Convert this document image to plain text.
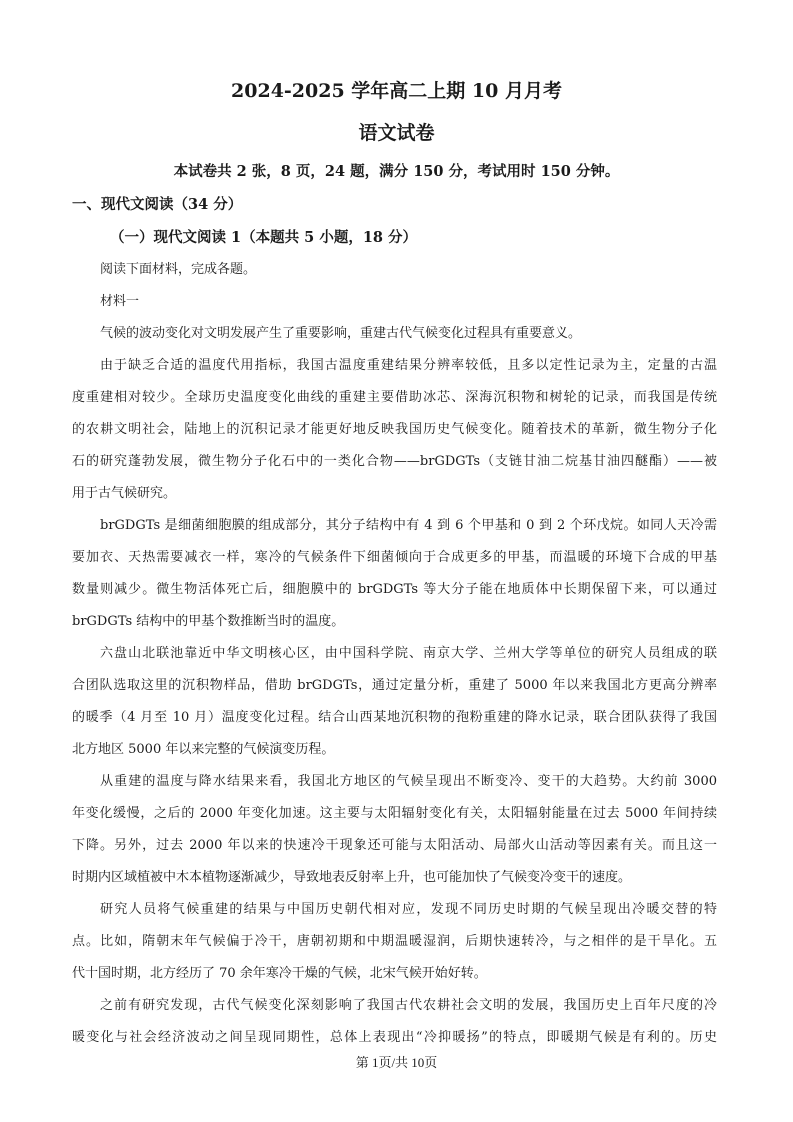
2024-2025 学年高二上期 10 月月考
语文试卷
本试卷共 2 张，8 页，24 题，满分 150 分，考试用时 150 分钟。
一、现代文阅读（34 分）
（一）现代文阅读 1（本题共 5 小题，18 分）
阅读下面材料，完成各题。
材料一
气候的波动变化对文明发展产生了重要影响，重建古代气候变化过程具有重要意义。
由于缺乏合适的温度代用指标，我国古温度重建结果分辨率较低，且多以定性记录为主，定量的古温
度重建相对较少。全球历史温度变化曲线的重建主要借助冰芯、深海沉积物和树轮的记录，而我国是传统
的农耕文明社会，陆地上的沉积记录才能更好地反映我国历史气候变化。随着技术的革新，微生物分子化
石的研究蓬勃发展，微生物分子化石中的一类化合物——brGDGTs（支链甘油二烷基甘油四醚酯）——被
用于古气候研究。
brGDGTs 是细菌细胞膜的组成部分，其分子结构中有 4 到 6 个甲基和 0 到 2 个环戊烷。如同人天冷需
要加衣、天热需要减衣一样，寒冷的气候条件下细菌倾向于合成更多的甲基，而温暖的环境下合成的甲基
数量则减少。微生物活体死亡后，细胞膜中的 brGDGTs 等大分子能在地质体中长期保留下来，可以通过
brGDGTs 结构中的甲基个数推断当时的温度。
六盘山北联池靠近中华文明核心区，由中国科学院、南京大学、兰州大学等单位的研究人员组成的联
合团队选取这里的沉积物样品，借助 brGDGTs，通过定量分析，重建了 5000 年以来我国北方更高分辨率
的暖季（4 月至 10 月）温度变化过程。结合山西某地沉积物的孢粉重建的降水记录，联合团队获得了我国
北方地区 5000 年以来完整的气候演变历程。
从重建的温度与降水结果来看，我国北方地区的气候呈现出不断变冷、变干的大趋势。大约前 3000
年变化缓慢，之后的 2000 年变化加速。这主要与太阳辐射变化有关，太阳辐射能量在过去 5000 年间持续
下降。另外，过去 2000 年以来的快速冷干现象还可能与太阳活动、局部火山活动等因素有关。而且这一
时期内区域植被中木本植物逐渐减少，导致地表反射率上升，也可能加快了气候变冷变干的速度。
研究人员将气候重建的结果与中国历史朝代相对应，发现不同历史时期的气候呈现出冷暖交替的特
点。比如，隋朝末年气候偏于冷干，唐朝初期和中期温暖湿润，后期快速转冷，与之相伴的是干旱化。五
代十国时期，北方经历了 70 余年寒冷干燥的气候，北宋气候开始好转。
之前有研究发现，古代气候变化深刻影响了我国古代农耕社会文明的发展，我国历史上百年尺度的冷
暖变化与社会经济波动之间呈现同期性，总体上表现出“冷抑暖扬”的特点，即暖期气候是有利的。历史
第 1页/共 10页
